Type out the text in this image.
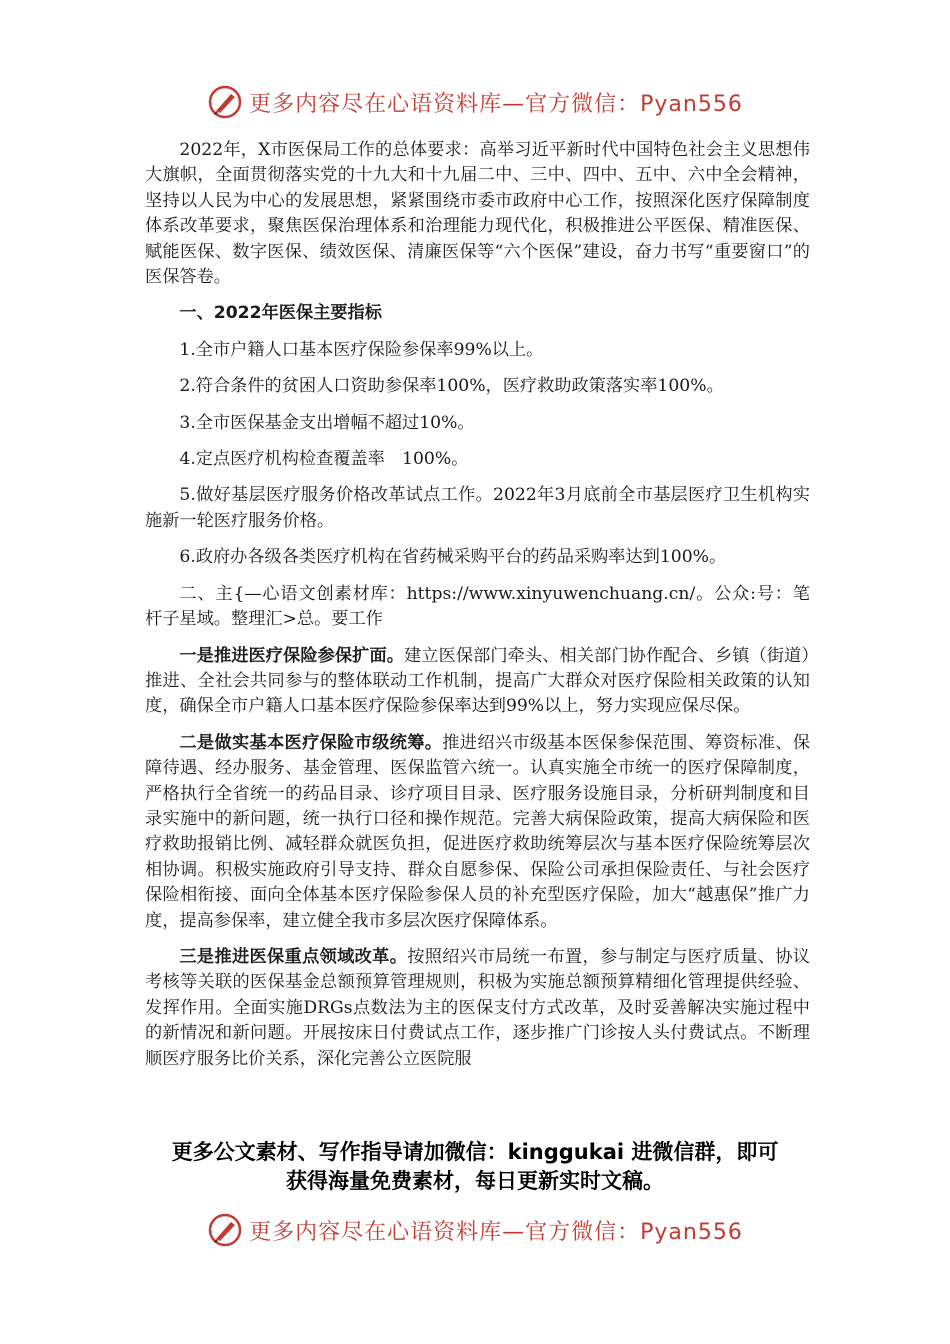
更多内容尽在心语资料库—官方微信：Pyan556

2022年，X市医保局工作的总体要求：高举习近平新时代中国特色社会主义思想伟大旗帜，全面贯彻落实党的十九大和十九届二中、三中、四中、五中、六中全会精神，坚持以人民为中心的发展思想，紧紧围绕市委市政府中心工作，按照深化医疗保障制度体系改革要求，聚焦医保治理体系和治理能力现代化，积极推进公平医保、精准医保、赋能医保、数字医保、绩效医保、清廉医保等“六个医保”建设，奋力书写“重要窗口”的医保答卷。

一、2022年医保主要指标

1.全市户籍人口基本医疗保险参保率99%以上。

2.符合条件的贫困人口资助参保率100%，医疗救助政策落实率100%。

3.全市医保基金支出增幅不超过10%。

4.定点医疗机构检查覆盖率　100%。

5.做好基层医疗服务价格改革试点工作。2022年3月底前全市基层医疗卫生机构实施新一轮医疗服务价格。

6.政府办各级各类医疗机构在省药械采购平台的药品采购率达到100%。

二、主{—心语文创素材库：https://www.xinyuwenchuang.cn/。公众:号：笔杆子星域。整理汇>总。要工作

一是推进医疗保险参保扩面。建立医保部门牵头、相关部门协作配合、乡镇（街道）推进、全社会共同参与的整体联动工作机制，提高广大群众对医疗保险相关政策的认知度，确保全市户籍人口基本医疗保险参保率达到99%以上，努力实现应保尽保。

二是做实基本医疗保险市级统筹。推进绍兴市级基本医保参保范围、筹资标准、保障待遇、经办服务、基金管理、医保监管六统一。认真实施全市统一的医疗保障制度，严格执行全省统一的药品目录、诊疗项目目录、医疗服务设施目录，分析研判制度和目录实施中的新问题，统一执行口径和操作规范。完善大病保险政策，提高大病保险和医疗救助报销比例、减轻群众就医负担，促进医疗救助统筹层次与基本医疗保险统筹层次相协调。积极实施政府引导支持、群众自愿参保、保险公司承担保险责任、与社会医疗保险相衔接、面向全体基本医疗保险参保人员的补充型医疗保险，加大“越惠保”推广力度，提高参保率，建立健全我市多层次医疗保障体系。

三是推进医保重点领域改革。按照绍兴市局统一布置，参与制定与医疗质量、协议考核等关联的医保基金总额预算管理规则，积极为实施总额预算精细化管理提供经验、发挥作用。全面实施DRGs点数法为主的医保支付方式改革，及时妥善解决实施过程中的新情况和新问题。开展按床日付费试点工作，逐步推广门诊按人头付费试点。不断理顺医疗服务比价关系，深化完善公立医院服

更多公文素材、写作指导请加微信：kinggukai 进微信群，即可
获得海量免费素材，每日更新实时文稿。
更多内容尽在心语资料库—官方微信：Pyan556
